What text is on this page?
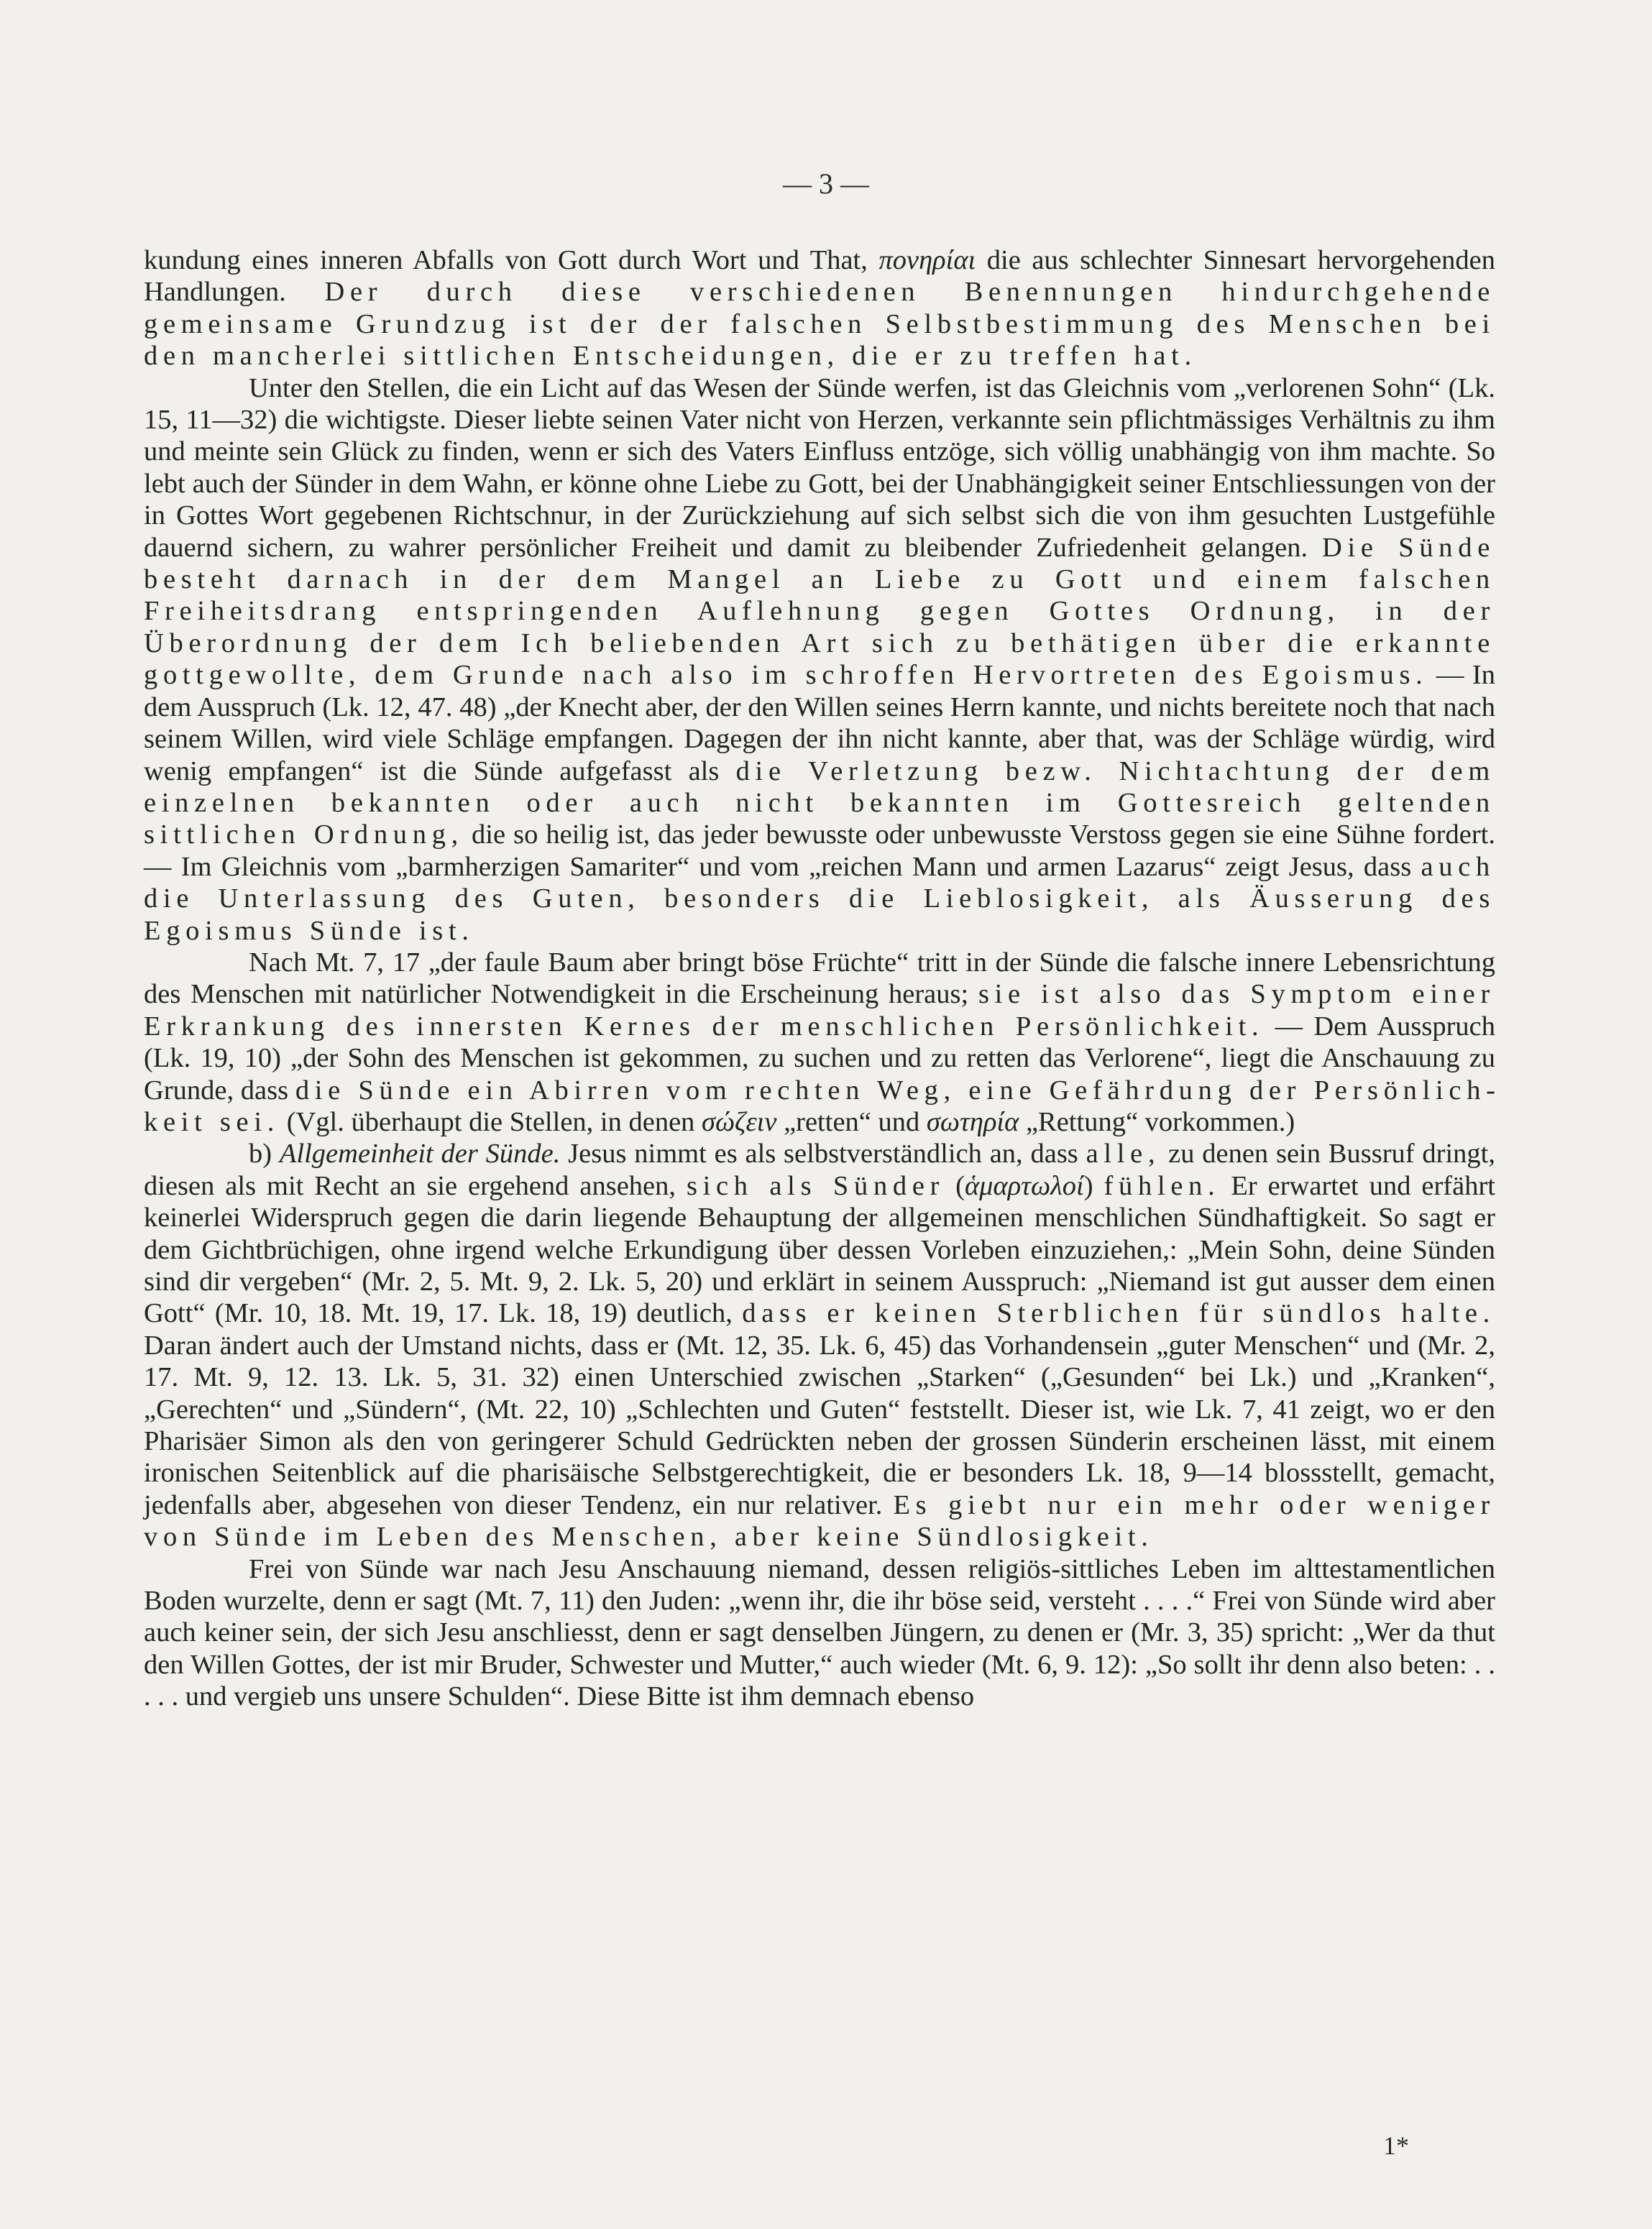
— 3 —

kundung eines inneren Abfalls von Gott durch Wort und That, πονηρίαι die aus schlechter Sinnesart hervorgehenden Handlungen. Der durch diese verschiedenen Benennungen hindurchgehende gemeinsame Grundzug ist der der falschen Selbstbestimmung des Menschen bei den mancherlei sittlichen Entscheidungen, die er zu treffen hat.

Unter den Stellen, die ein Licht auf das Wesen der Sünde werfen, ist das Gleichnis vom „verlorenen Sohn“ (Lk. 15, 11—32) die wichtigste. Dieser liebte seinen Vater nicht von Herzen, verkannte sein pflichtmässiges Verhältnis zu ihm und meinte sein Glück zu finden, wenn er sich des Vaters Einfluss entzöge, sich völlig unabhängig von ihm machte. So lebt auch der Sünder in dem Wahn, er könne ohne Liebe zu Gott, bei der Unabhängigkeit seiner Entschliessungen von der in Gottes Wort gegebenen Richtschnur, in der Zurückziehung auf sich selbst sich die von ihm gesuchten Lustgefühle dauernd sichern, zu wahrer persönlicher Freiheit und damit zu bleibender Zufriedenheit gelangen. Die Sünde besteht darnach in der dem Mangel an Liebe zu Gott und einem falschen Freiheitsdrang entspringenden Auflehnung gegen Gottes Ordnung, in der Überordnung der dem Ich beliebenden Art sich zu bethätigen über die erkannte gottgewollte, dem Grunde nach also im schroffen Hervortreten des Egoismus. — In dem Ausspruch (Lk. 12, 47. 48) „der Knecht aber, der den Willen seines Herrn kannte, und nichts bereitete noch that nach seinem Willen, wird viele Schläge empfangen. Dagegen der ihn nicht kannte, aber that, was der Schläge würdig, wird wenig empfangen“ ist die Sünde aufgefasst als die Verletzung bezw. Nichtachtung der dem einzelnen bekannten oder auch nicht bekannten im Gottesreich geltenden sittlichen Ordnung, die so heilig ist, das jeder bewusste oder unbewusste Verstoss gegen sie eine Sühne fordert. — Im Gleichnis vom „barmherzigen Samariter“ und vom „reichen Mann und armen Lazarus“ zeigt Jesus, dass auch die Unterlassung des Guten, besonders die Lieblosigkeit, als Äusserung des Egoismus Sünde ist.

Nach Mt. 7, 17 „der faule Baum aber bringt böse Früchte“ tritt in der Sünde die falsche innere Lebensrichtung des Menschen mit natürlicher Notwendigkeit in die Erscheinung heraus; sie ist also das Symptom einer Erkrankung des innersten Kernes der menschlichen Persönlichkeit. — Dem Ausspruch (Lk. 19, 10) „der Sohn des Menschen ist gekommen, zu suchen und zu retten das Verlorene“, liegt die Anschauung zu Grunde, dass die Sünde ein Abirren vom rechten Weg, eine Gefährdung der Persönlichkeit sei. (Vgl. überhaupt die Stellen, in denen σώζειν „retten“ und σωτηρία „Rettung“ vorkommen.)

b) Allgemeinheit der Sünde. Jesus nimmt es als selbstverständlich an, dass alle, zu denen sein Bussruf dringt, diesen als mit Recht an sie ergehend ansehen, sich als Sünder (ἁμαρτωλοί) fühlen. Er erwartet und erfährt keinerlei Widerspruch gegen die darin liegende Behauptung der allgemeinen menschlichen Sündhaftigkeit. So sagt er dem Gichtbrüchigen, ohne irgend welche Erkundigung über dessen Vorleben einzuziehen,: „Mein Sohn, deine Sünden sind dir vergeben“ (Mr. 2, 5. Mt. 9, 2. Lk. 5, 20) und erklärt in seinem Ausspruch: „Niemand ist gut ausser dem einen Gott“ (Mr. 10, 18. Mt. 19, 17. Lk. 18, 19) deutlich, dass er keinen Sterblichen für sündlos halte. Daran ändert auch der Umstand nichts, dass er (Mt. 12, 35. Lk. 6, 45) das Vorhandensein „guter Menschen“ und (Mr. 2, 17. Mt. 9, 12. 13. Lk. 5, 31. 32) einen Unterschied zwischen „Starken“ („Gesunden“ bei Lk.) und „Kranken“, „Gerechten“ und „Sündern“, (Mt. 22, 10) „Schlechten und Guten“ feststellt. Dieser ist, wie Lk. 7, 41 zeigt, wo er den Pharisäer Simon als den von geringerer Schuld Gedrückten neben der grossen Sünderin erscheinen lässt, mit einem ironischen Seitenblick auf die pharisäische Selbstgerechtigkeit, die er besonders Lk. 18, 9—14 blossstellt, gemacht, jedenfalls aber, abgesehen von dieser Tendenz, ein nur relativer. Es giebt nur ein mehr oder weniger von Sünde im Leben des Menschen, aber keine Sündlosigkeit.

Frei von Sünde war nach Jesu Anschauung niemand, dessen religiös-sittliches Leben im alttestamentlichen Boden wurzelte, denn er sagt (Mt. 7, 11) den Juden: „wenn ihr, die ihr böse seid, versteht . . . .“ Frei von Sünde wird aber auch keiner sein, der sich Jesu anschliesst, denn er sagt denselben Jüngern, zu denen er (Mr. 3, 35) spricht: „Wer da thut den Willen Gottes, der ist mir Bruder, Schwester und Mutter,“ auch wieder (Mt. 6, 9. 12): „So sollt ihr denn also beten: . . . . . und vergieb uns unsere Schulden“. Diese Bitte ist ihm demnach ebenso

1*
